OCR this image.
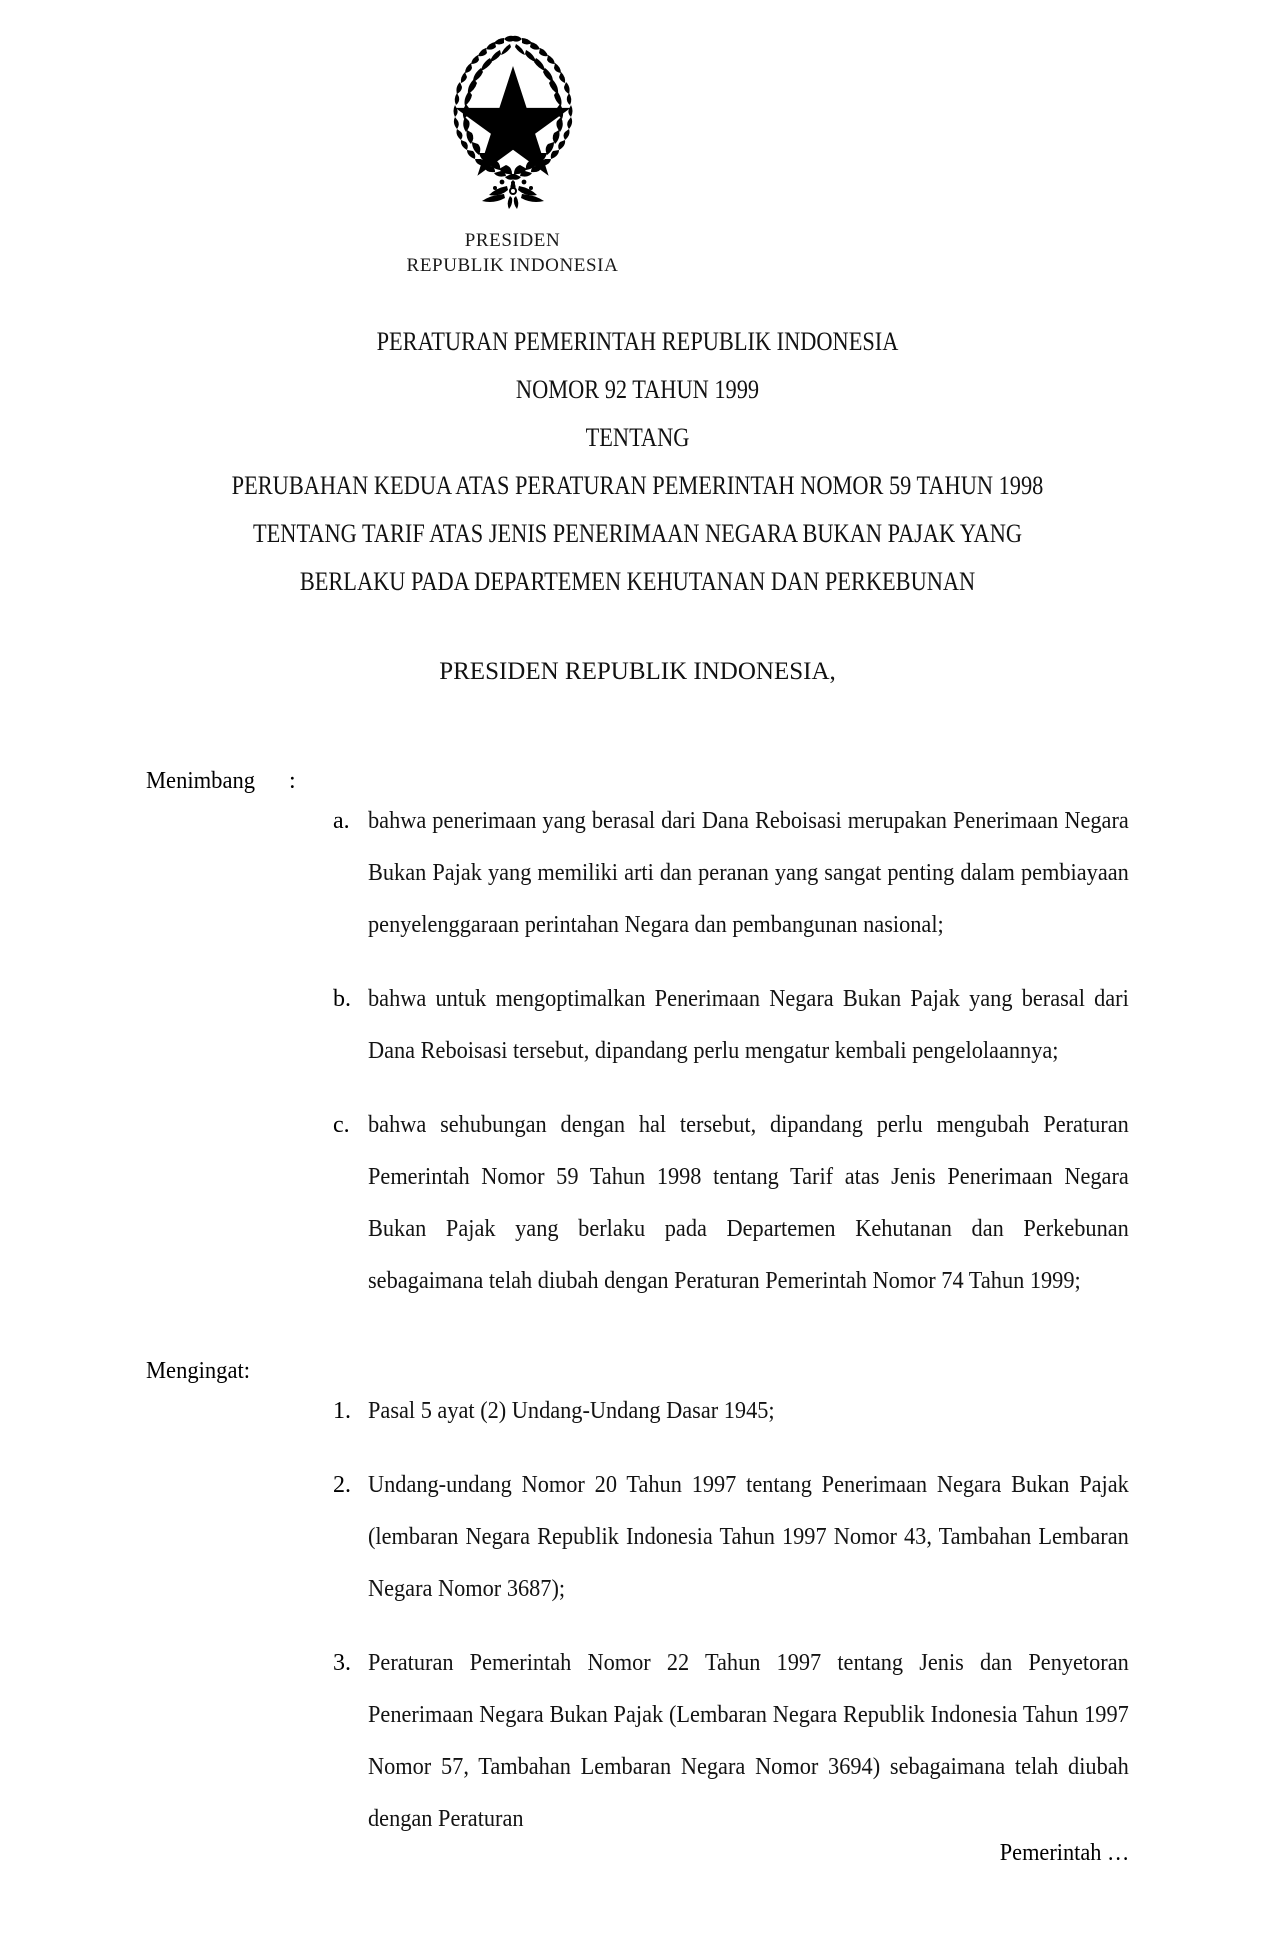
PRESIDEN
REPUBLIK INDONESIA
PERATURAN PEMERINTAH REPUBLIK INDONESIA
NOMOR 92 TAHUN 1999
TENTANG
PERUBAHAN KEDUA ATAS PERATURAN PEMERINTAH NOMOR 59 TAHUN 1998
TENTANG TARIF ATAS JENIS PENERIMAAN NEGARA BUKAN PAJAK YANG
BERLAKU PADA DEPARTEMEN KEHUTANAN DAN PERKEBUNAN
PRESIDEN REPUBLIK INDONESIA,
Menimbang	:
a. bahwa penerimaan yang berasal dari Dana Reboisasi merupakan Penerimaan Negara Bukan Pajak yang memiliki arti dan peranan yang sangat penting dalam pembiayaan penyelenggaraan perintahan Negara dan pembangunan nasional;
b. bahwa untuk mengoptimalkan Penerimaan Negara Bukan Pajak yang berasal dari Dana Reboisasi tersebut, dipandang perlu mengatur kembali pengelolaannya;
c. bahwa sehubungan dengan hal tersebut, dipandang perlu mengubah Peraturan Pemerintah Nomor 59 Tahun 1998 tentang Tarif atas Jenis Penerimaan Negara Bukan Pajak yang berlaku pada Departemen Kehutanan dan Perkebunan sebagaimana telah diubah dengan Peraturan Pemerintah Nomor 74 Tahun 1999;
Mengingat:
1. Pasal 5 ayat (2) Undang-Undang Dasar 1945;
2. Undang-undang Nomor 20 Tahun 1997 tentang Penerimaan Negara Bukan Pajak (lembaran Negara Republik Indonesia Tahun 1997 Nomor 43, Tambahan Lembaran Negara Nomor 3687);
3. Peraturan Pemerintah Nomor 22 Tahun 1997 tentang Jenis dan Penyetoran Penerimaan Negara Bukan Pajak (Lembaran Negara Republik Indonesia Tahun 1997 Nomor 57, Tambahan Lembaran Negara Nomor 3694) sebagaimana telah diubah dengan Peraturan
Pemerintah …
